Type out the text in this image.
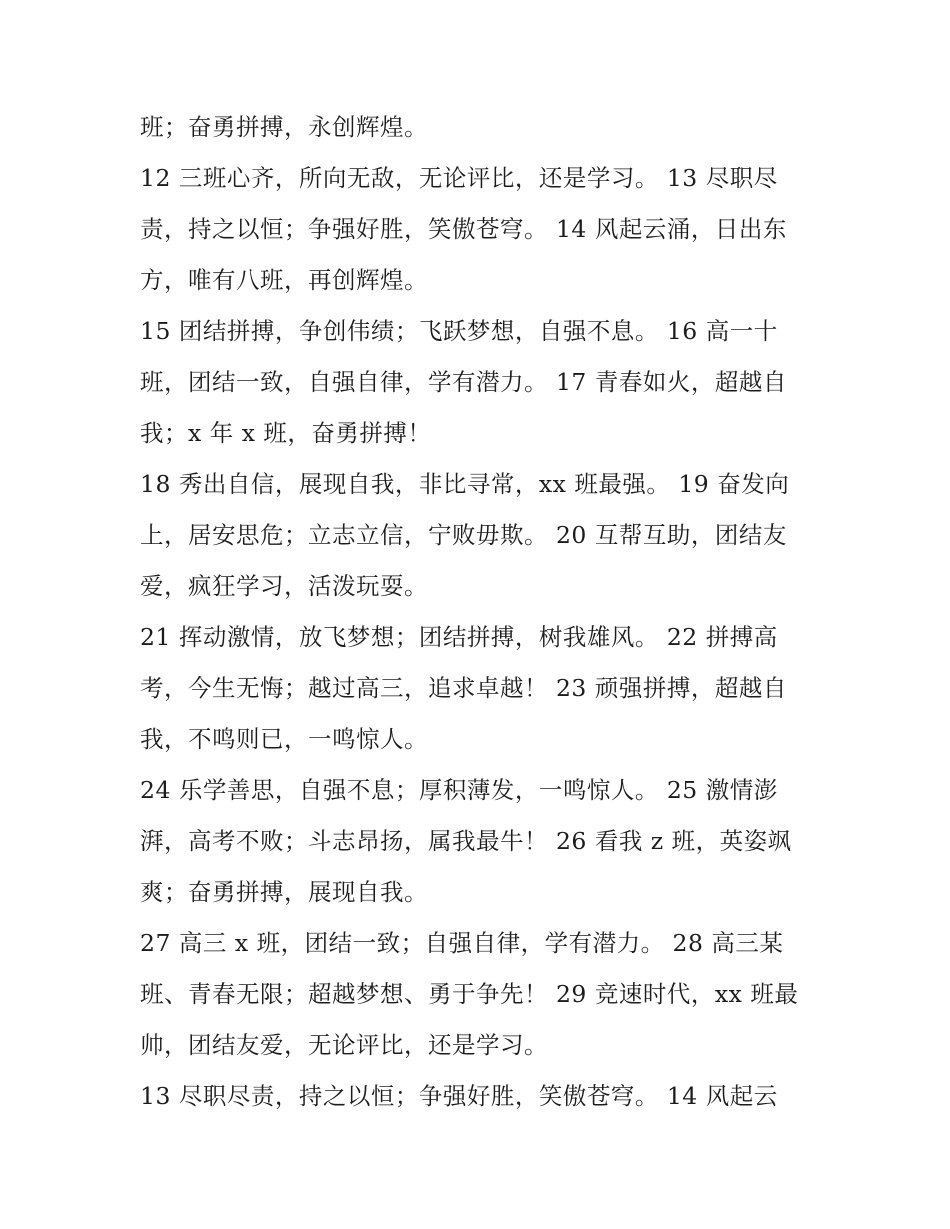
班；奋勇拼搏，永创辉煌。
12 三班心齐，所向无敌，无论评比，还是学习。 13 尽职尽
责，持之以恒；争强好胜，笑傲苍穹。 14 风起云涌，日出东
方，唯有八班，再创辉煌。
15 团结拼搏，争创伟绩；飞跃梦想，自强不息。 16 高一十
班，团结一致，自强自律，学有潜力。 17 青春如火，超越自
我；x 年 x 班，奋勇拼搏！
18 秀出自信，展现自我，非比寻常，xx 班最强。 19 奋发向
上，居安思危；立志立信，宁败毋欺。 20 互帮互助，团结友
爱，疯狂学习，活泼玩耍。
21 挥动激情，放飞梦想；团结拼搏，树我雄风。 22 拼搏高
考，今生无悔；越过高三，追求卓越！ 23 顽强拼搏，超越自
我，不鸣则已，一鸣惊人。
24 乐学善思，自强不息；厚积薄发，一鸣惊人。 25 激情澎
湃，高考不败；斗志昂扬，属我最牛！ 26 看我 z 班，英姿飒
爽；奋勇拼搏，展现自我。
27 高三 x 班，团结一致；自强自律，学有潜力。 28 高三某
班、青春无限；超越梦想、勇于争先！ 29 竞速时代，xx 班最
帅，团结友爱，无论评比，还是学习。
13 尽职尽责，持之以恒；争强好胜，笑傲苍穹。 14 风起云
